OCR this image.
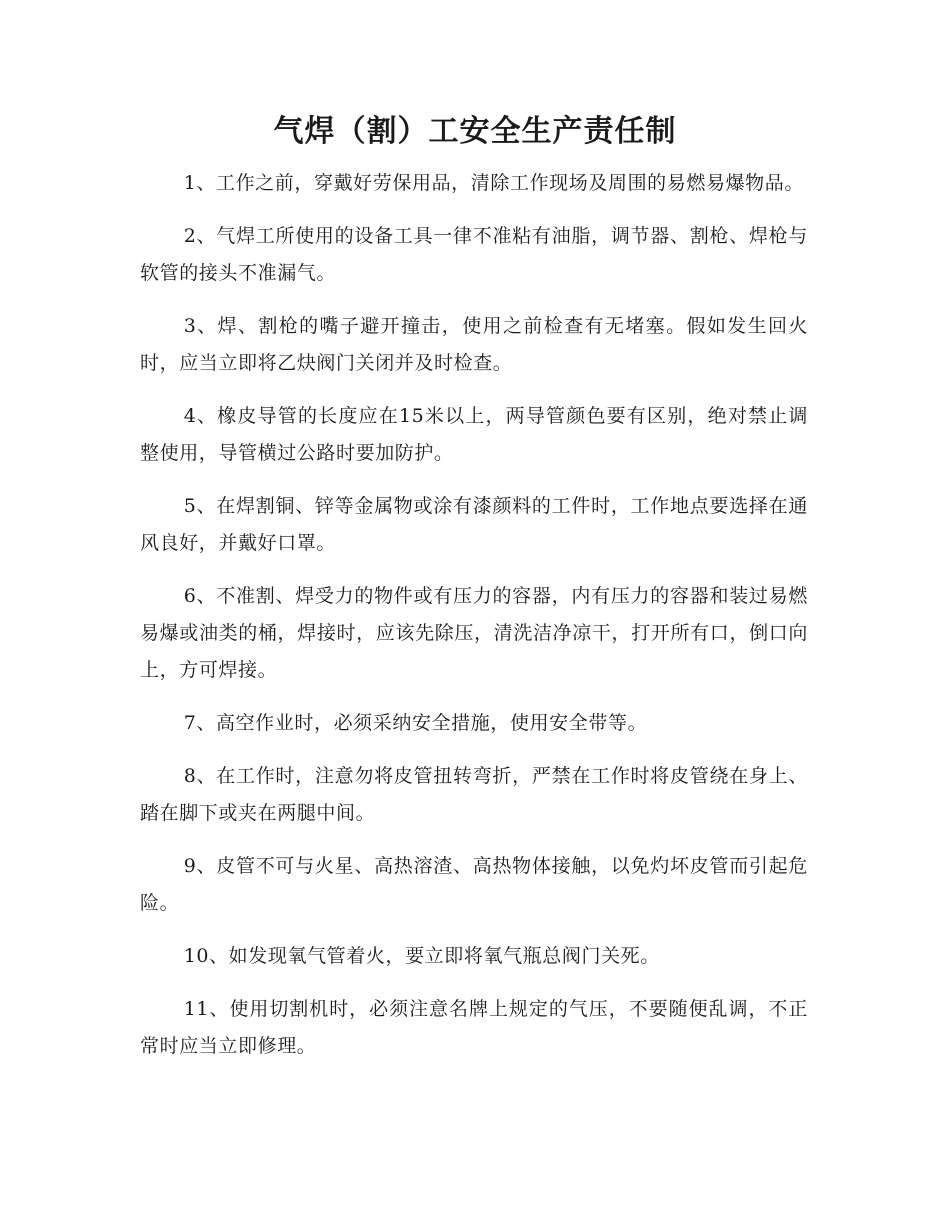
气焊（割）工安全生产责任制

1、工作之前，穿戴好劳保用品，清除工作现场及周围的易燃易爆物品。

2、气焊工所使用的设备工具一律不准粘有油脂，调节器、割枪、焊枪与软管的接头不准漏气。

3、焊、割枪的嘴子避开撞击，使用之前检查有无堵塞。假如发生回火时，应当立即将乙炔阀门关闭并及时检查。

4、橡皮导管的长度应在15米以上，两导管颜色要有区别，绝对禁止调整使用，导管横过公路时要加防护。

5、在焊割铜、锌等金属物或涂有漆颜料的工件时，工作地点要选择在通风良好，并戴好口罩。

6、不准割、焊受力的物件或有压力的容器，内有压力的容器和装过易燃易爆或油类的桶，焊接时，应该先除压，清洗洁净凉干，打开所有口，倒口向上，方可焊接。

7、高空作业时，必须采纳安全措施，使用安全带等。

8、在工作时，注意勿将皮管扭转弯折，严禁在工作时将皮管绕在身上、踏在脚下或夹在两腿中间。

9、皮管不可与火星、高热溶渣、高热物体接触，以免灼坏皮管而引起危险。

10、如发现氧气管着火，要立即将氧气瓶总阀门关死。

11、使用切割机时，必须注意名牌上规定的气压，不要随便乱调，不正常时应当立即修理。
